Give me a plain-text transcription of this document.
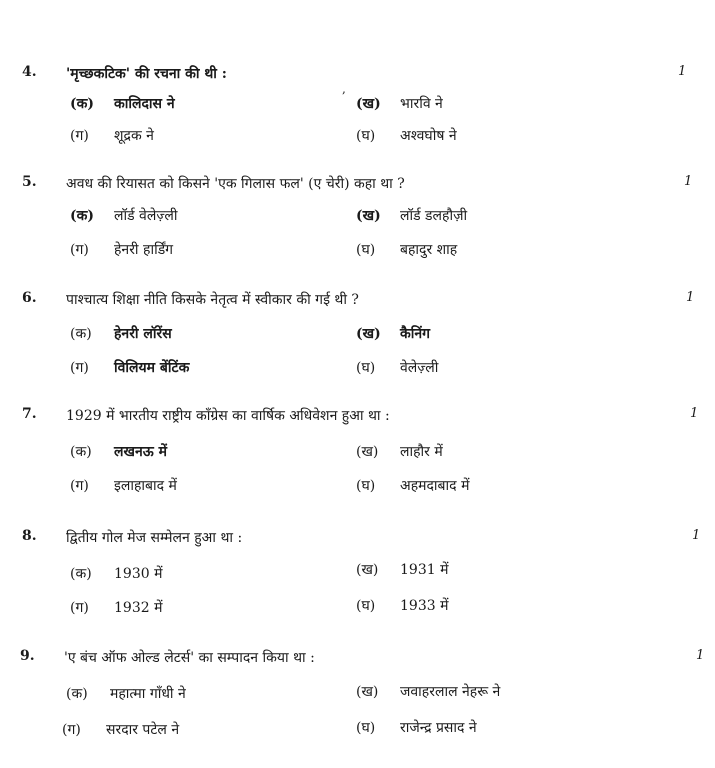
,
4. 'मृच्छकटिक' की रचना की थी :	1
(क) कालिदास ने	(ख) भारवि ने
(ग) शूद्रक ने	(घ) अश्वघोष ने
5. अवध की रियासत को किसने 'एक गिलास फल' (ए चेरी) कहा था ?	1
(क) लॉर्ड वेलेज़्ली	(ख) लॉर्ड डलहौज़ी
(ग) हेनरी हार्डिंग	(घ) बहादुर शाह
6. पाश्चात्य शिक्षा नीति किसके नेतृत्व में स्वीकार की गई थी ?	1
(क) हेनरी लॉरेंस	(ख) कैनिंग
(ग) विलियम बेंटिंक	(घ) वेलेज़्ली
7. 1929 में भारतीय राष्ट्रीय कॉंग्रेस का वार्षिक अधिवेशन हुआ था :	1
(क) लखनऊ में	(ख) लाहौर में
(ग) इलाहाबाद में	(घ) अहमदाबाद में
8. द्वितीय गोल मेज सम्मेलन हुआ था :	1
(क) 1930 में	(ख) 1931 में
(ग) 1932 में	(घ) 1933 में
9. 'ए बंच ऑफ ओल्ड लेटर्स' का सम्पादन किया था :	1
(क) महात्मा गाँधी ने	(ख) जवाहरलाल नेहरू ने
(ग) सरदार पटेल ने	(घ) राजेन्द्र प्रसाद ने
